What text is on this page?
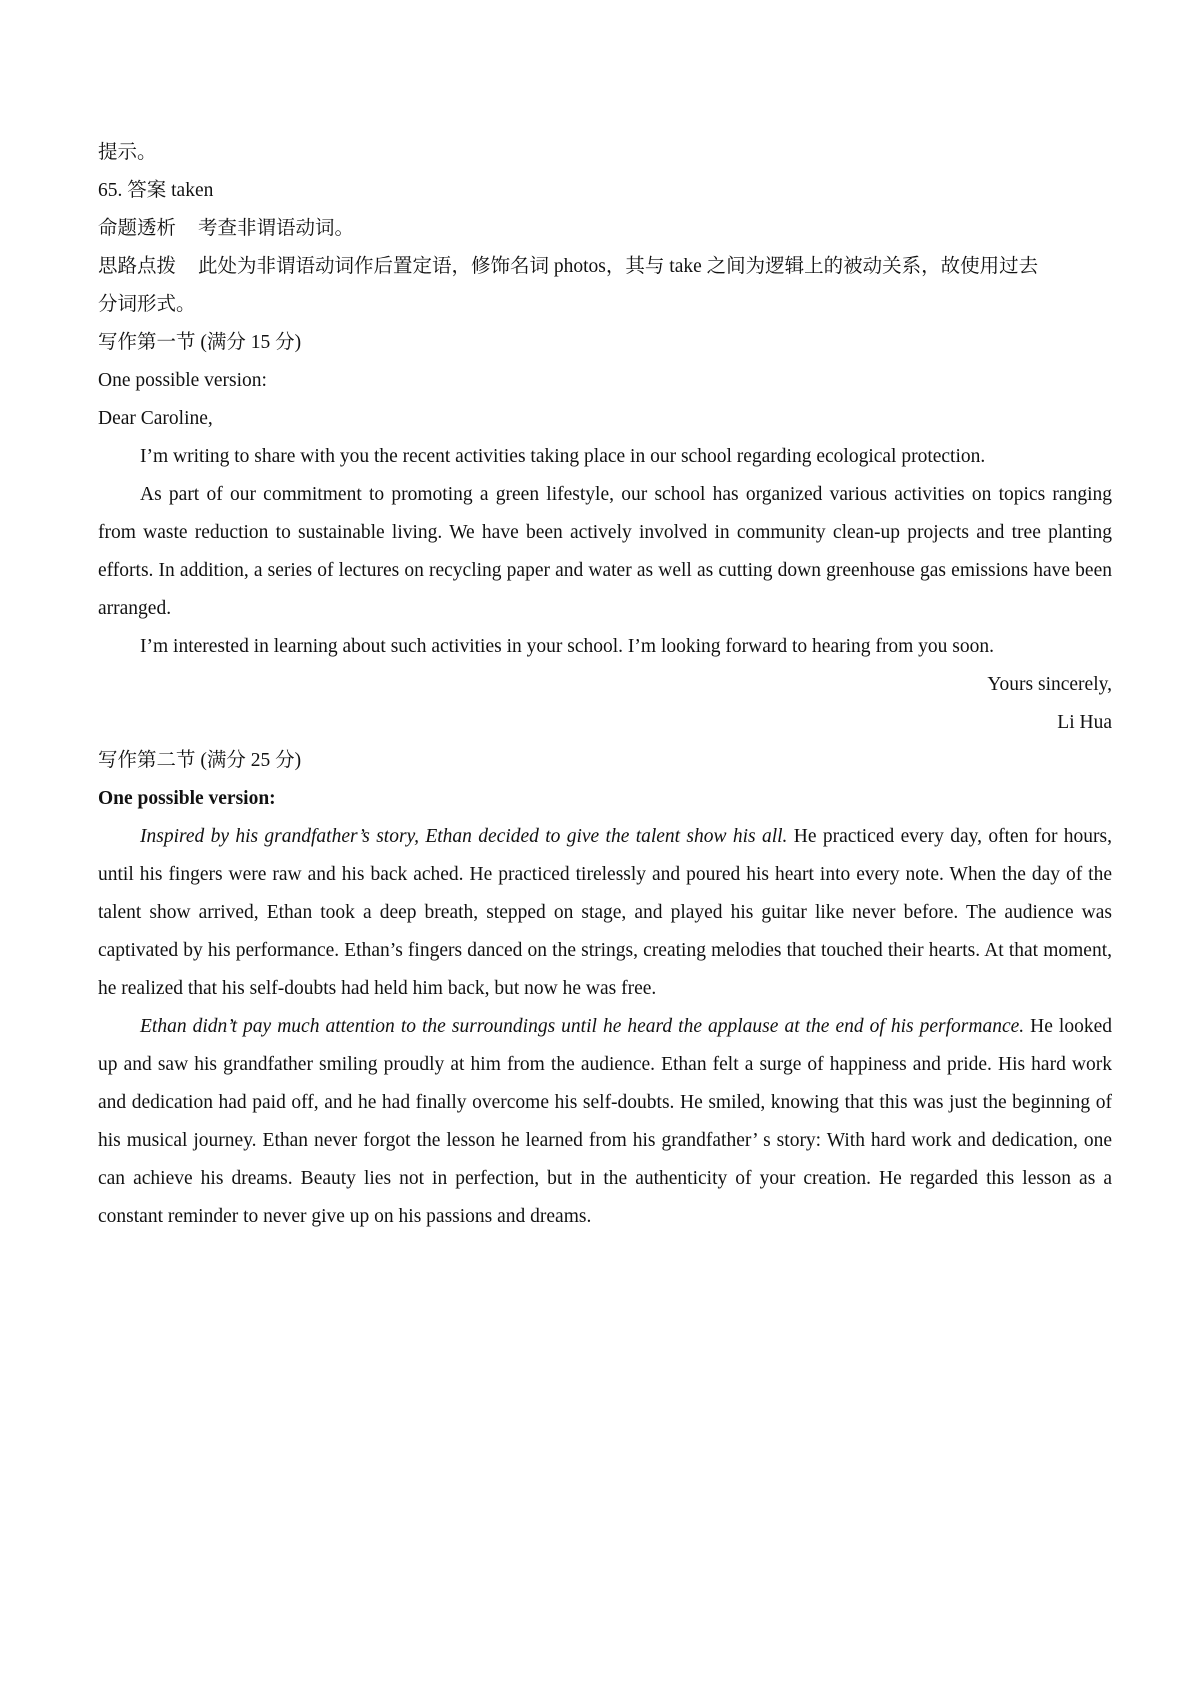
提示。
65. 答案 taken
命题透析 考查非谓语动词。
思路点拨 此处为非谓语动词作后置定语，修饰名词 photos，其与 take 之间为逻辑上的被动关系，故使用过去
分词形式。
写作第一节 (满分 15 分)
One possible version:
Dear Caroline,

I’m writing to share with you the recent activities taking place in our school regarding ecological protection.

As part of our commitment to promoting a green lifestyle, our school has organized various activities on topics ranging from waste reduction to sustainable living. We have been actively involved in community clean-up projects and tree planting efforts. In addition, a series of lectures on recycling paper and water as well as cutting down greenhouse gas emissions have been arranged.

I’m interested in learning about such activities in your school. I’m looking forward to hearing from you soon.

Yours sincerely,
Li Hua
写作第二节 (满分 25 分)
One possible version:

Inspired by his grandfather’s story, Ethan decided to give the talent show his all. He practiced every day, often for hours, until his fingers were raw and his back ached. He practiced tirelessly and poured his heart into every note. When the day of the talent show arrived, Ethan took a deep breath, stepped on stage, and played his guitar like never before. The audience was captivated by his performance. Ethan’s fingers danced on the strings, creating melodies that touched their hearts. At that moment, he realized that his self-doubts had held him back, but now he was free.

Ethan didn’t pay much attention to the surroundings until he heard the applause at the end of his performance. He looked up and saw his grandfather smiling proudly at him from the audience. Ethan felt a surge of happiness and pride. His hard work and dedication had paid off, and he had finally overcome his self-doubts. He smiled, knowing that this was just the beginning of his musical journey. Ethan never forgot the lesson he learned from his grandfather’ s story: With hard work and dedication, one can achieve his dreams. Beauty lies not in perfection, but in the authenticity of your creation. He regarded this lesson as a constant reminder to never give up on his passions and dreams.
